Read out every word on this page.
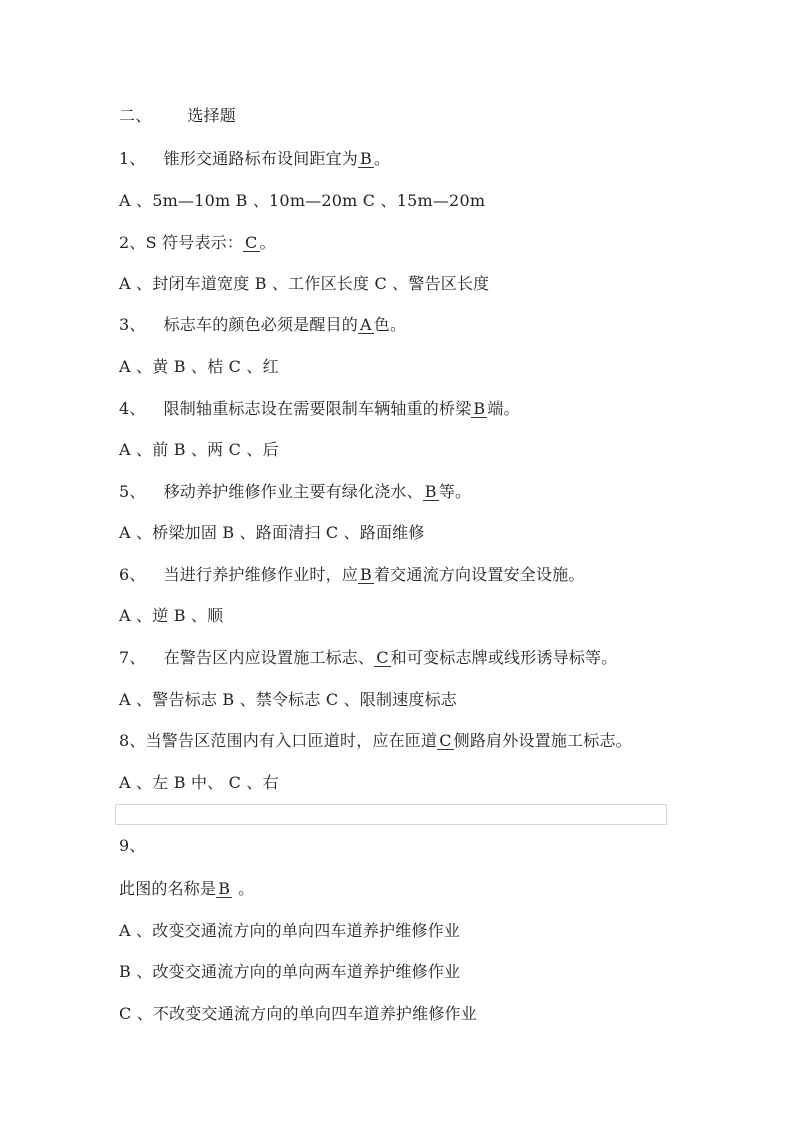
二、 选择题
1、 锥形交通路标布设间距宜为 B 。
A 、5m—10m B 、10m—20m C 、15m—20m
2、S 符号表示： C 。
A 、封闭车道宽度 B 、工作区长度 C 、警告区长度
3、 标志车的颜色必须是醒目的 A 色。
A 、黄 B 、桔 C 、红
4、 限制轴重标志设在需要限制车辆轴重的桥梁 B 端。
A 、前 B 、两 C 、后
5、 移动养护维修作业主要有绿化浇水、 B 等。
A 、桥梁加固 B 、路面清扫 C 、路面维修
6、 当进行养护维修作业时，应 B 着交通流方向设置安全设施。
A 、逆 B 、顺
7、 在警告区内应设置施工标志、 C 和可变标志牌或线形诱导标等。
A 、警告标志 B 、禁令标志 C 、限制速度标志
8、当警告区范围内有入口匝道时，应在匝道 C 侧路肩外设置施工标志。
A 、左 B 中、 C 、右
9、
此图的名称是 B 。
A 、改变交通流方向的单向四车道养护维修作业
B 、改变交通流方向的单向两车道养护维修作业
C 、不改变交通流方向的单向四车道养护维修作业
